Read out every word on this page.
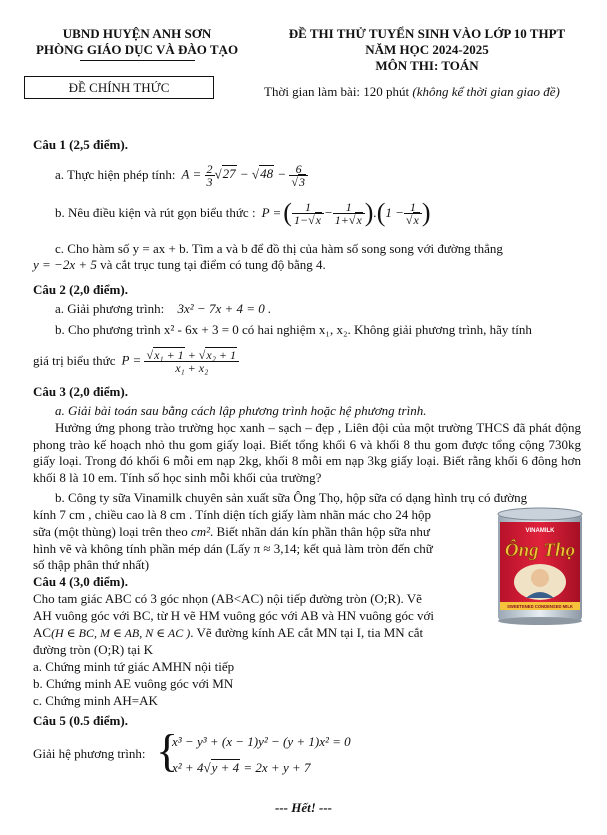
UBND HUYỆN ANH SƠN
PHÒNG GIÁO DỤC VÀ ĐÀO TẠO
ĐỀ THI THỬ TUYỂN SINH VÀO LỚP 10 THPT
NĂM HỌC 2024-2025
MÔN THI: TOÁN
ĐỀ CHÍNH THỨC	Thời gian làm bài: 120 phút (không kể thời gian giao đề)
Câu 1 (2,5 điểm).
a. Thực hiện phép tính: $A = \frac{2}{3} √27 - √48 - \frac{6}{√3}$
b. Nêu điều kiện và rút gọn biểu thức : P = ( $\frac{1}{1-√x} - \frac{1}{1+√x}$ ) . ( $1 - \frac{1}{√x}$ )
c. Cho hàm số y = ax + b. Tìm a và b để đồ thị của hàm số song song với đường thẳng
y = −2x + 5 và cắt trục tung tại điểm có tung độ bằng 4.
Câu 2 (2,0 điểm).
a. Giải phương trình: 3x² − 7x + 4 = 0 .
b. Cho phương trình x² - 6x + 3 = 0 có hai nghiệm x₁, x₂. Không giải phương trình, hãy tính
giá trị biểu thức $P = \frac{\text{√x₁ + 1 + √x₂ + 1}}{\text{x₁ + x₂}}$
Câu 3 (2,0 điểm).
a. Giải bài toán sau bằng cách lập phương trình hoặc hệ phương trình.
Hưởng ứng phong trào trường học xanh – sạch – đẹp , Liên đội của một trường THCS đã phát động phong trào kế hoạch nhỏ thu gom giấy loại. Biết tổng khối 6 và khối 8 thu gom được tổng cộng 730kg giấy loại. Trong đó khối 6 mỗi em nạp 2kg, khối 8 mỗi em nạp 3kg giấy loại. Biết rằng khối 6 đông hơn khối 8 là 10 em. Tính số học sinh mỗi khối của trường?
b. Công ty sữa Vinamilk chuyên sản xuất sữa Ông Thọ, hộp sữa có dạng hình trụ có đường
kính 7 cm , chiều cao là 8 cm . Tính diện tích giấy làm nhãn mác cho 24 hộp
sữa (một thùng) loại trên theo cm². Biết nhãn dán kín phần thân hộp sữa như
hình vẽ và không tính phần mép dán (Lấy π ≈ 3,14; kết quả làm tròn đến chữ
số thập phân thứ nhất)
VINAMILK
Ông Thọ
SWEETENED CONDENSED MILK
Câu 4 (3,0 điểm).
Cho tam giác ABC có 3 góc nhọn (AB<AC) nội tiếp đường tròn (O;R). Vẽ
AH vuông góc với BC, từ H vẽ HM vuông góc với AB và HN vuông góc với
AC(H ∈ BC, M ∈ AB, N ∈ AC ). Vẽ đường kính AE cắt MN tại I, tia MN cắt
đường tròn (O;R) tại K
a. Chứng minh tứ giác AMHN nội tiếp
b. Chứng minh AE vuông góc với MN
c. Chứng minh AH=AK
Câu 5 (0.5 điểm).
Giải hệ phương trình: {
x³ − y³ + (x − 1)y² − (y + 1)x² = 0
x² + 4√y + 4 = 2x + y + 7
--- Hết! ---
